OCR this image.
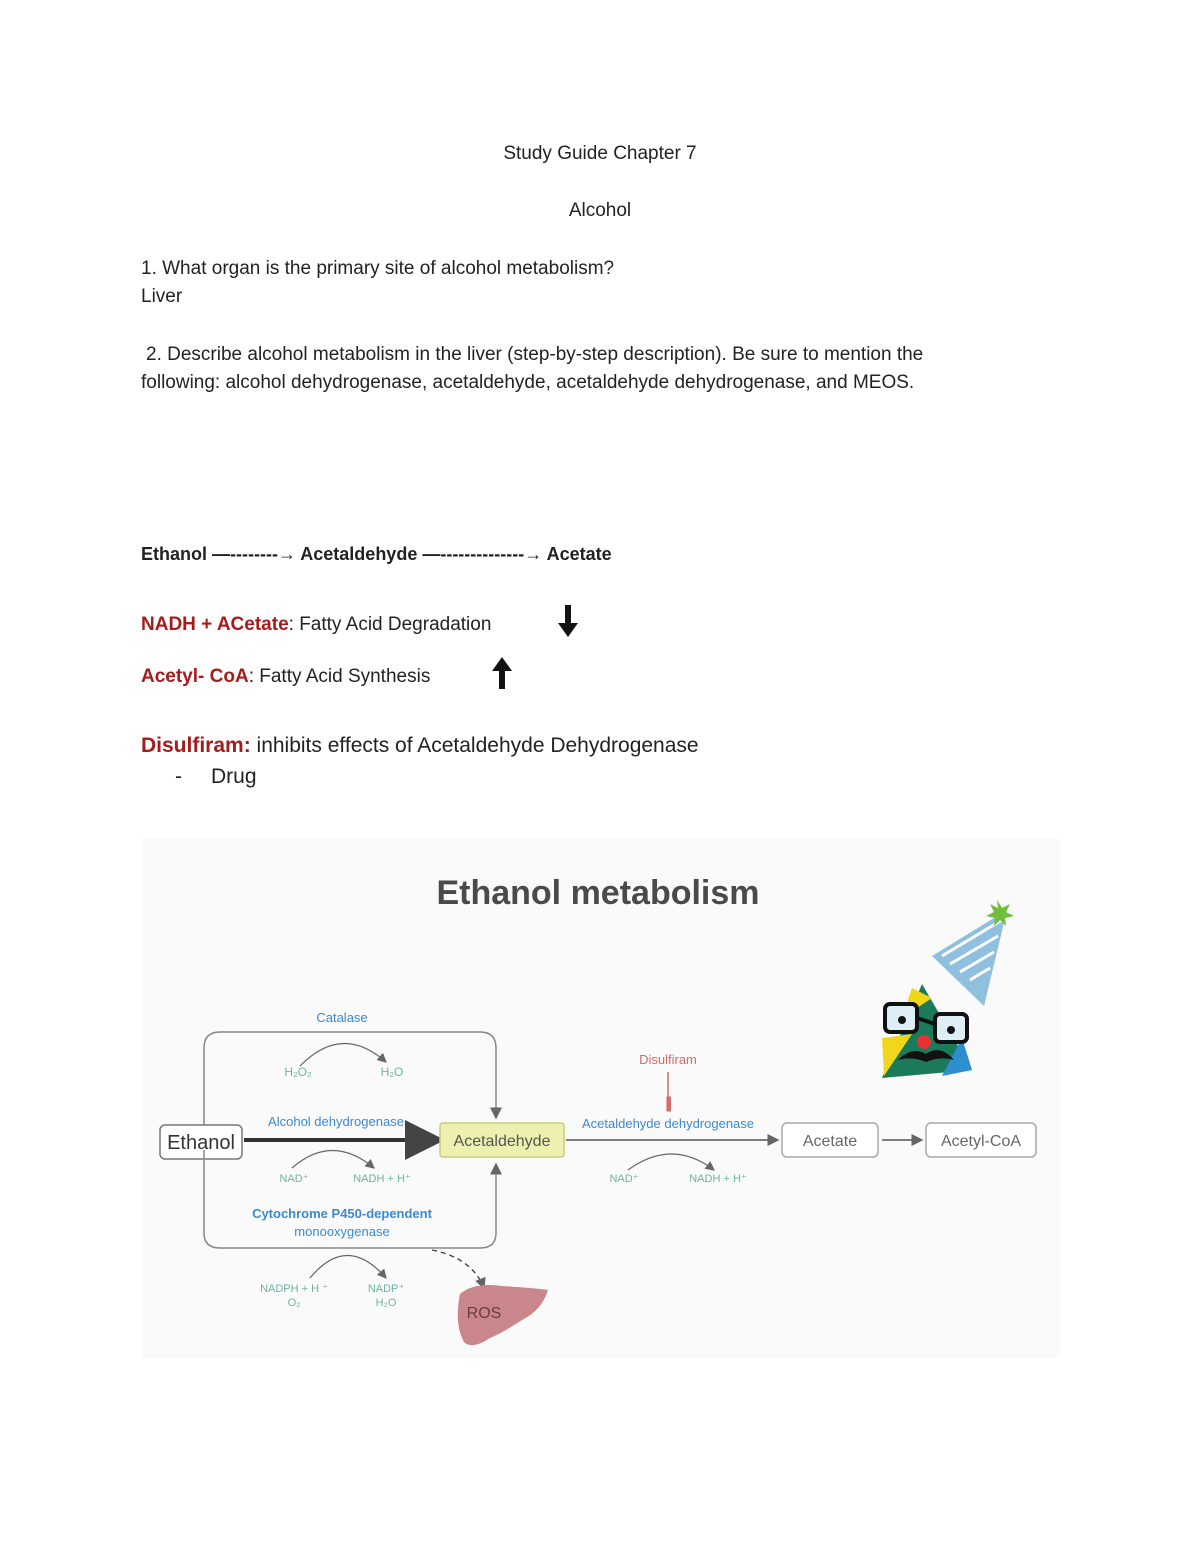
Study Guide Chapter 7
Alcohol
1. What organ is the primary site of alcohol metabolism?
Liver
2. Describe alcohol metabolism in the liver (step-by-step description). Be sure to mention the
following: alcohol dehydrogenase, acetaldehyde, acetaldehyde dehydrogenase, and MEOS.
Ethanol —--------→ Acetaldehyde —--------------→ Acetate
NADH + ACetate: Fatty Acid Degradation
Acetyl- CoA: Fatty Acid Synthesis
Disulfiram: inhibits effects of Acetaldehyde Dehydrogenase
- Drug
Ethanol metabolism
Catalase
H₂O₂	H₂O
Ethanol
Alcohol dehydrogenase
NAD⁺	NADH + H⁺
Acetaldehyde
Cytochrome P450-dependent
monooxygenase
NADPH + H ⁺
O₂
NADP⁺
H₂O
ROS
Acetaldehyde dehydrogenase
Disulfiram
NAD⁺	NADH + H⁺
Acetate	Acetyl-CoA
